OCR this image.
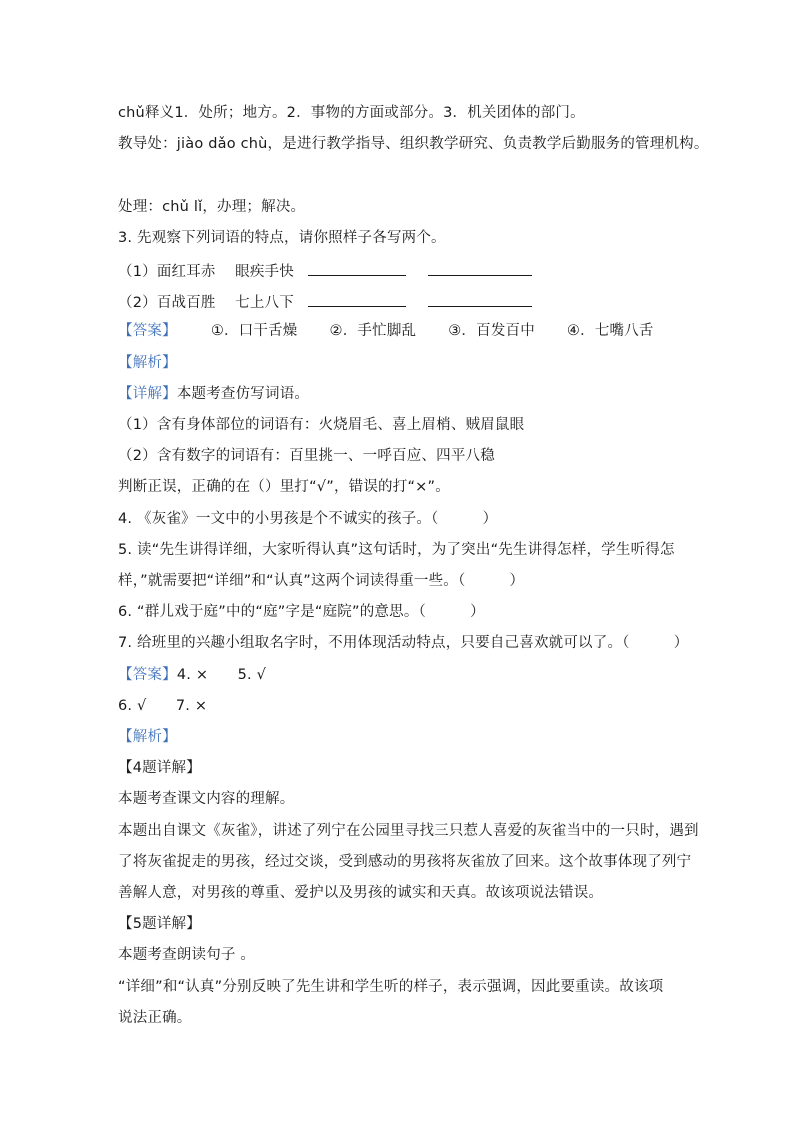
chǔ释义1．处所；地方。2．事物的方面或部分。3．机关团体的部门。
教导处：jiào dǎo chù，是进行教学指导、组织教学研究、负责教学后勤服务的管理机构。
处理：chǔ lǐ，办理；解决。
3. 先观察下列词语的特点，请你照样子各写两个。
（1）面红耳赤　 眼疾手快
（2）百战百胜　 七上八下
【答案】 ①．口干舌燥 ②．手忙脚乱 ③．百发百中 ④．七嘴八舌
【解析】
【详解】本题考查仿写词语。
（1）含有身体部位的词语有：火烧眉毛、喜上眉梢、贼眉鼠眼
（2）含有数字的词语有：百里挑一、一呼百应、四平八稳
判断正误，正确的在（）里打“√”，错误的打“×”。
4. 《灰雀》一文中的小男孩是个不诚实的孩子。（　　　）
5. 读“先生讲得详细，大家听得认真”这句话时，为了突出“先生讲得怎样，学生听得怎
样，”就需要把“详细”和“认真”这两个词读得重一些。（　　　）
6. “群儿戏于庭”中的“庭”字是“庭院”的意思。（　　　）
7. 给班里的兴趣小组取名字时，不用体现活动特点，只要自己喜欢就可以了。（　　　）
【答案】4. ×　　5. √
6. √　　7. ×
【解析】
【4题详解】
本题考查课文内容的理解。
本题出自课文《灰雀》，讲述了列宁在公园里寻找三只惹人喜爱的灰雀当中的一只时，遇到
了将灰雀捉走的男孩，经过交谈，受到感动的男孩将灰雀放了回来。这个故事体现了列宁
善解人意，对男孩的尊重、爱护以及男孩的诚实和天真。故该项说法错误。
【5题详解】
本题考查朗读句子 。
“详细”和“认真”分别反映了先生讲和学生听的样子，表示强调，因此要重读。故该项
说法正确。
